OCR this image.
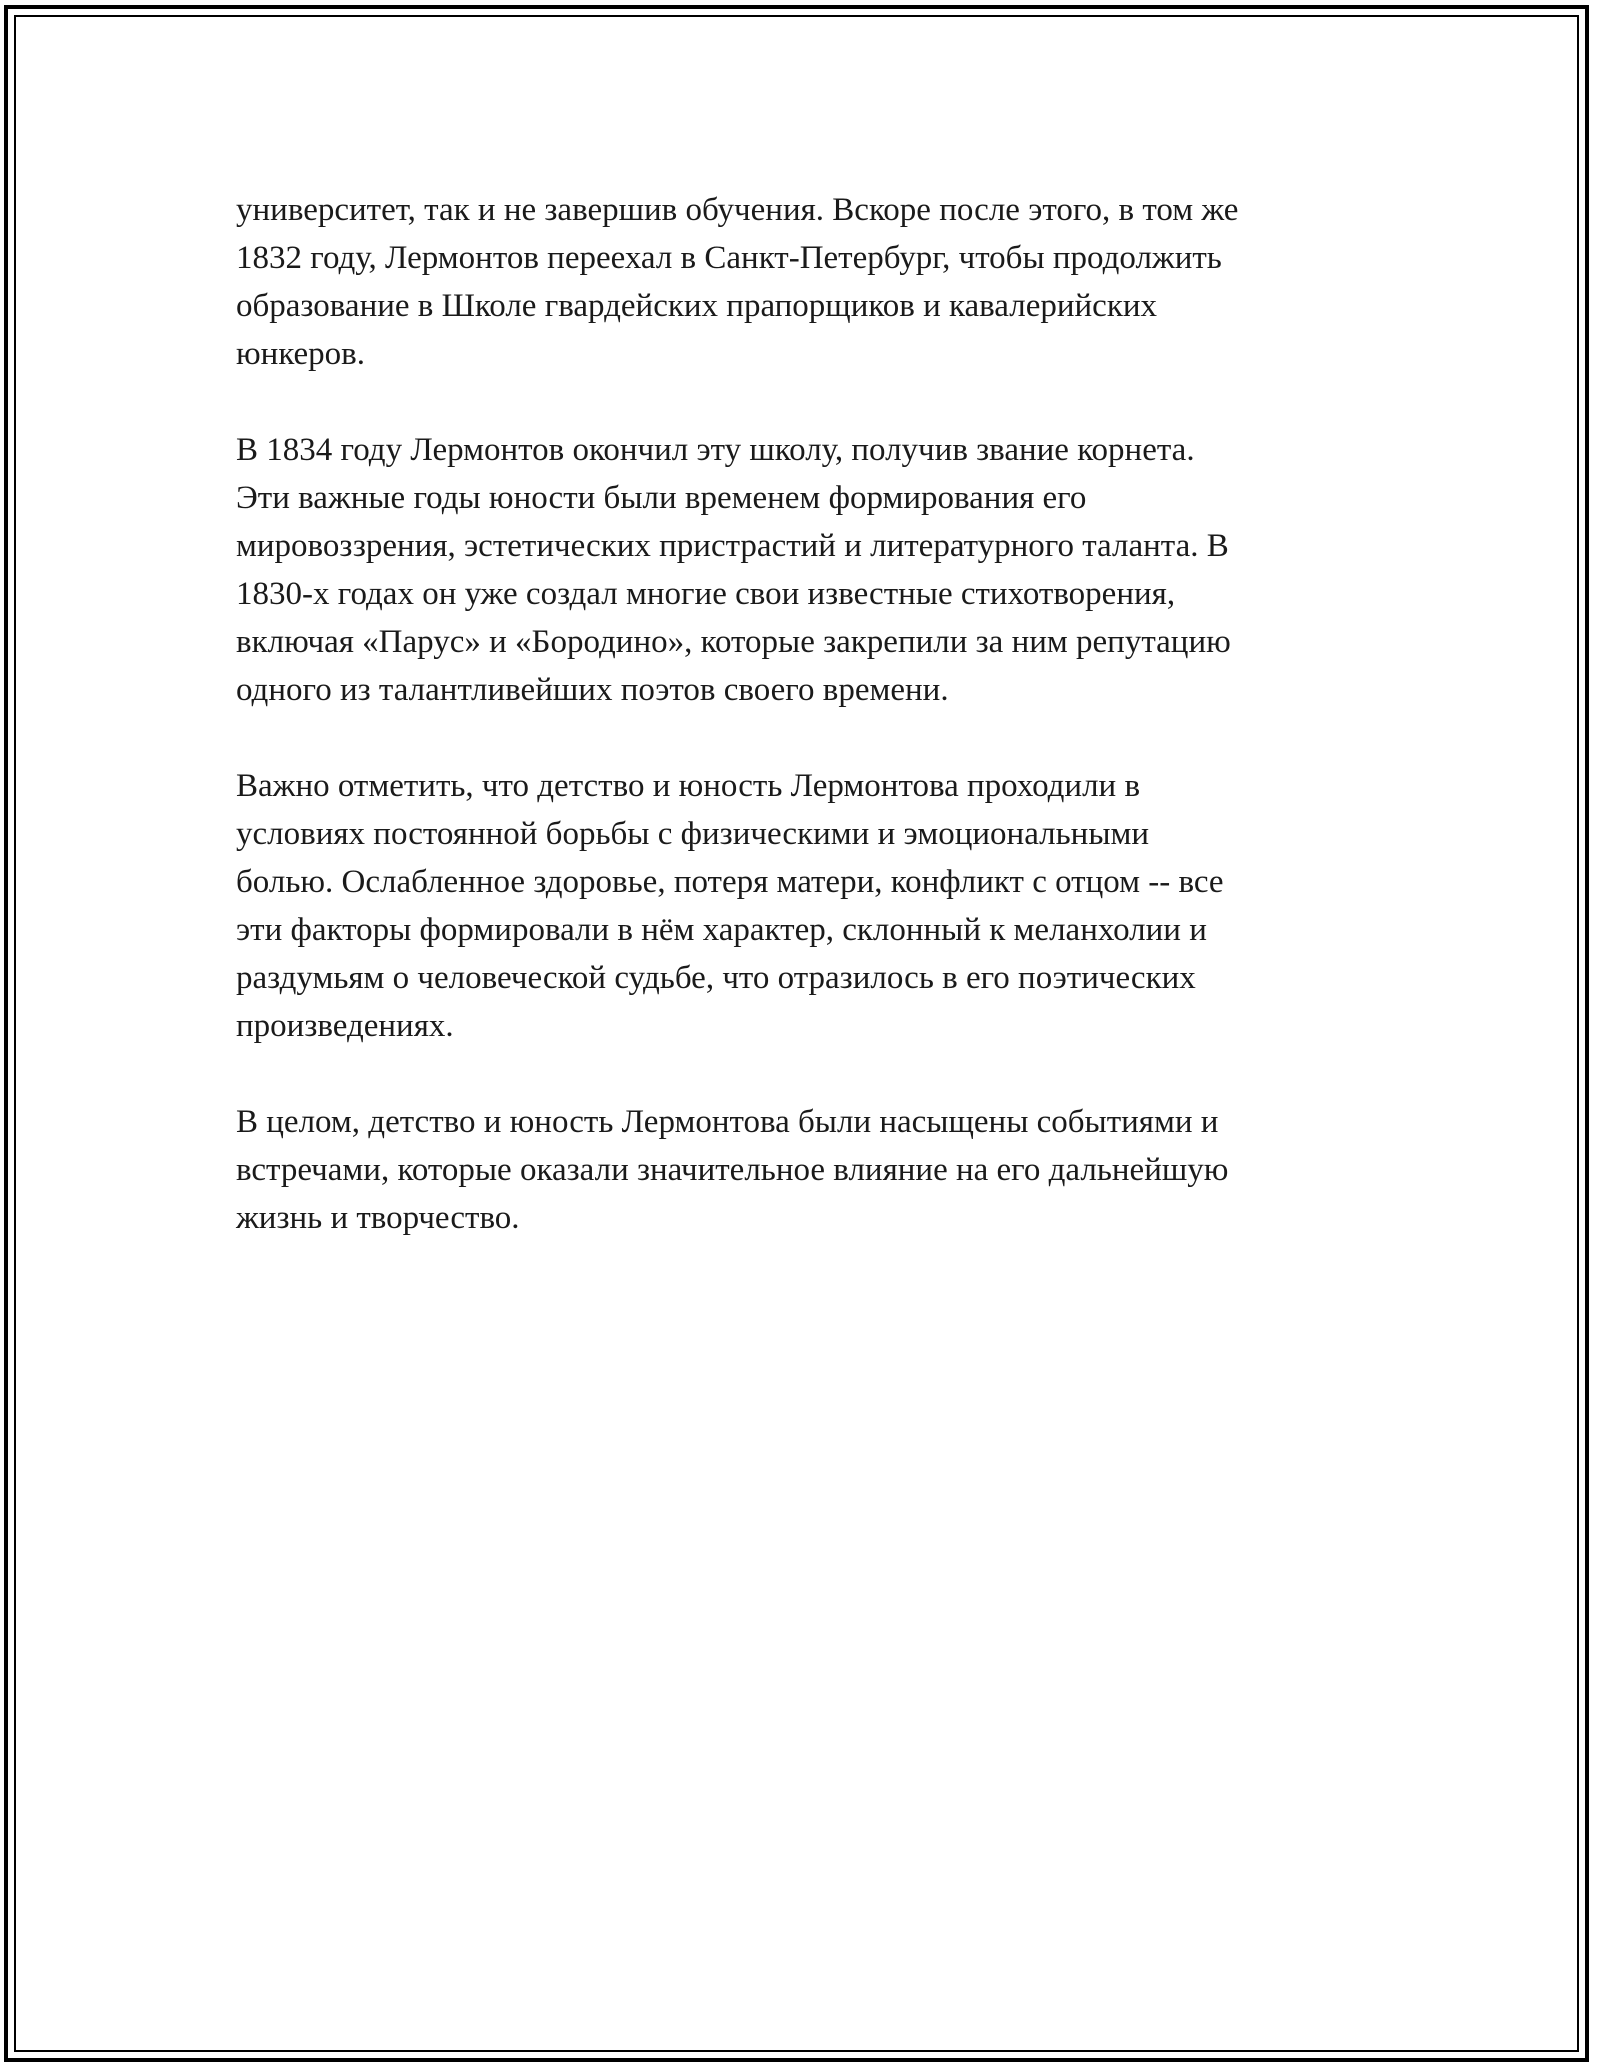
университет, так и не завершив обучения. Вскоре после этого, в том же
1832 году, Лермонтов переехал в Санкт-Петербург, чтобы продолжить
образование в Школе гвардейских прапорщиков и кавалерийских
юнкеров.

В 1834 году Лермонтов окончил эту школу, получив звание корнета.
Эти важные годы юности были временем формирования его
мировоззрения, эстетических пристрастий и литературного таланта. В
1830-х годах он уже создал многие свои известные стихотворения,
включая «Парус» и «Бородино», которые закрепили за ним репутацию
одного из талантливейших поэтов своего времени.

Важно отметить, что детство и юность Лермонтова проходили в
условиях постоянной борьбы с физическими и эмоциональными
болью. Ослабленное здоровье, потеря матери, конфликт с отцом -- все
эти факторы формировали в нём характер, склонный к меланхолии и
раздумьям о человеческой судьбе, что отразилось в его поэтических
произведениях.

В целом, детство и юность Лермонтова были насыщены событиями и
встречами, которые оказали значительное влияние на его дальнейшую
жизнь и творчество.
